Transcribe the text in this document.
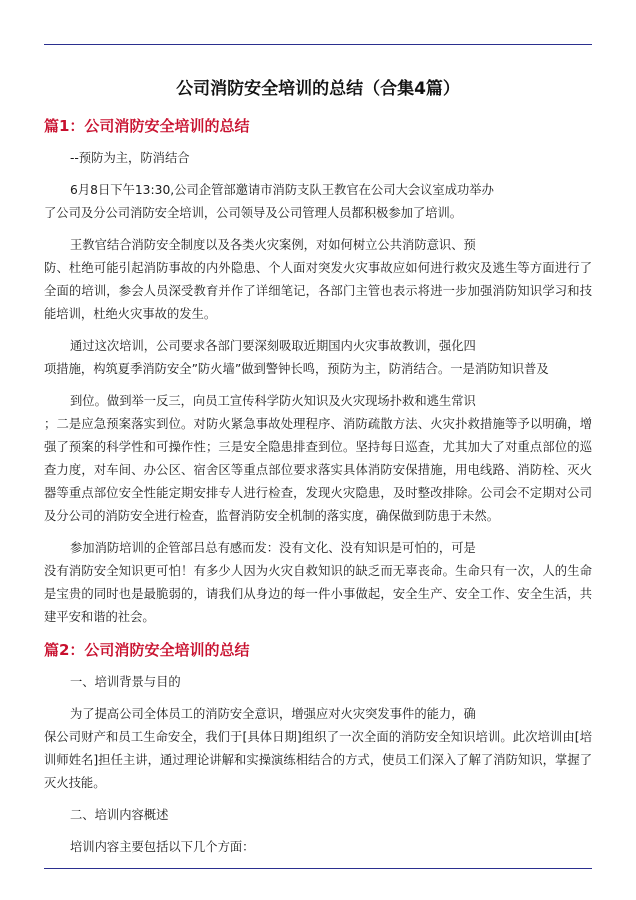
公司消防安全培训的总结（合集4篇）
篇1：公司消防安全培训的总结
--预防为主，防消结合
6月8日下午13:30,公司企管部邀请市消防支队王教官在公司大会议室成功举办
了公司及分公司消防安全培训，公司领导及公司管理人员都积极参加了培训。
王教官结合消防安全制度以及各类火灾案例，对如何树立公共消防意识、预
防、杜绝可能引起消防事故的内外隐患、个人面对突发火灾事故应如何进行救灾及逃生等方面进行了全面的培训，参会人员深受教育并作了详细笔记，各部门主管也表示将进一步加强消防知识学习和技能培训，杜绝火灾事故的发生。
通过这次培训，公司要求各部门要深刻吸取近期国内火灾事故教训，强化四
项措施，构筑夏季消防安全”防火墙”做到警钟长鸣，预防为主，防消结合。一是消防知识普及
到位。做到举一反三，向员工宣传科学防火知识及火灾现场扑救和逃生常识
；二是应急预案落实到位。对防火紧急事故处理程序、消防疏散方法、火灾扑救措施等予以明确，增强了预案的科学性和可操作性；三是安全隐患排查到位。坚持每日巡查，尤其加大了对重点部位的巡查力度，对车间、办公区、宿舍区等重点部位要求落实具体消防安保措施，用电线路、消防栓、灭火器等重点部位安全性能定期安排专人进行检查，发现火灾隐患，及时整改排除。公司会不定期对公司及分公司的消防安全进行检查，监督消防安全机制的落实度，确保做到防患于未然。
参加消防培训的企管部吕总有感而发：没有文化、没有知识是可怕的，可是
没有消防安全知识更可怕！有多少人因为火灾自救知识的缺乏而无辜丧命。生命只有一次，人的生命是宝贵的同时也是最脆弱的，请我们从身边的每一件小事做起，安全生产、安全工作、安全生活，共建平安和谐的社会。
篇2：公司消防安全培训的总结
一、培训背景与目的
为了提高公司全体员工的消防安全意识，增强应对火灾突发事件的能力，确
保公司财产和员工生命安全，我们于[具体日期]组织了一次全面的消防安全知识培训。此次培训由[培训师姓名]担任主讲，通过理论讲解和实操演练相结合的方式，使员工们深入了解了消防知识，掌握了灭火技能。
二、培训内容概述
培训内容主要包括以下几个方面：
